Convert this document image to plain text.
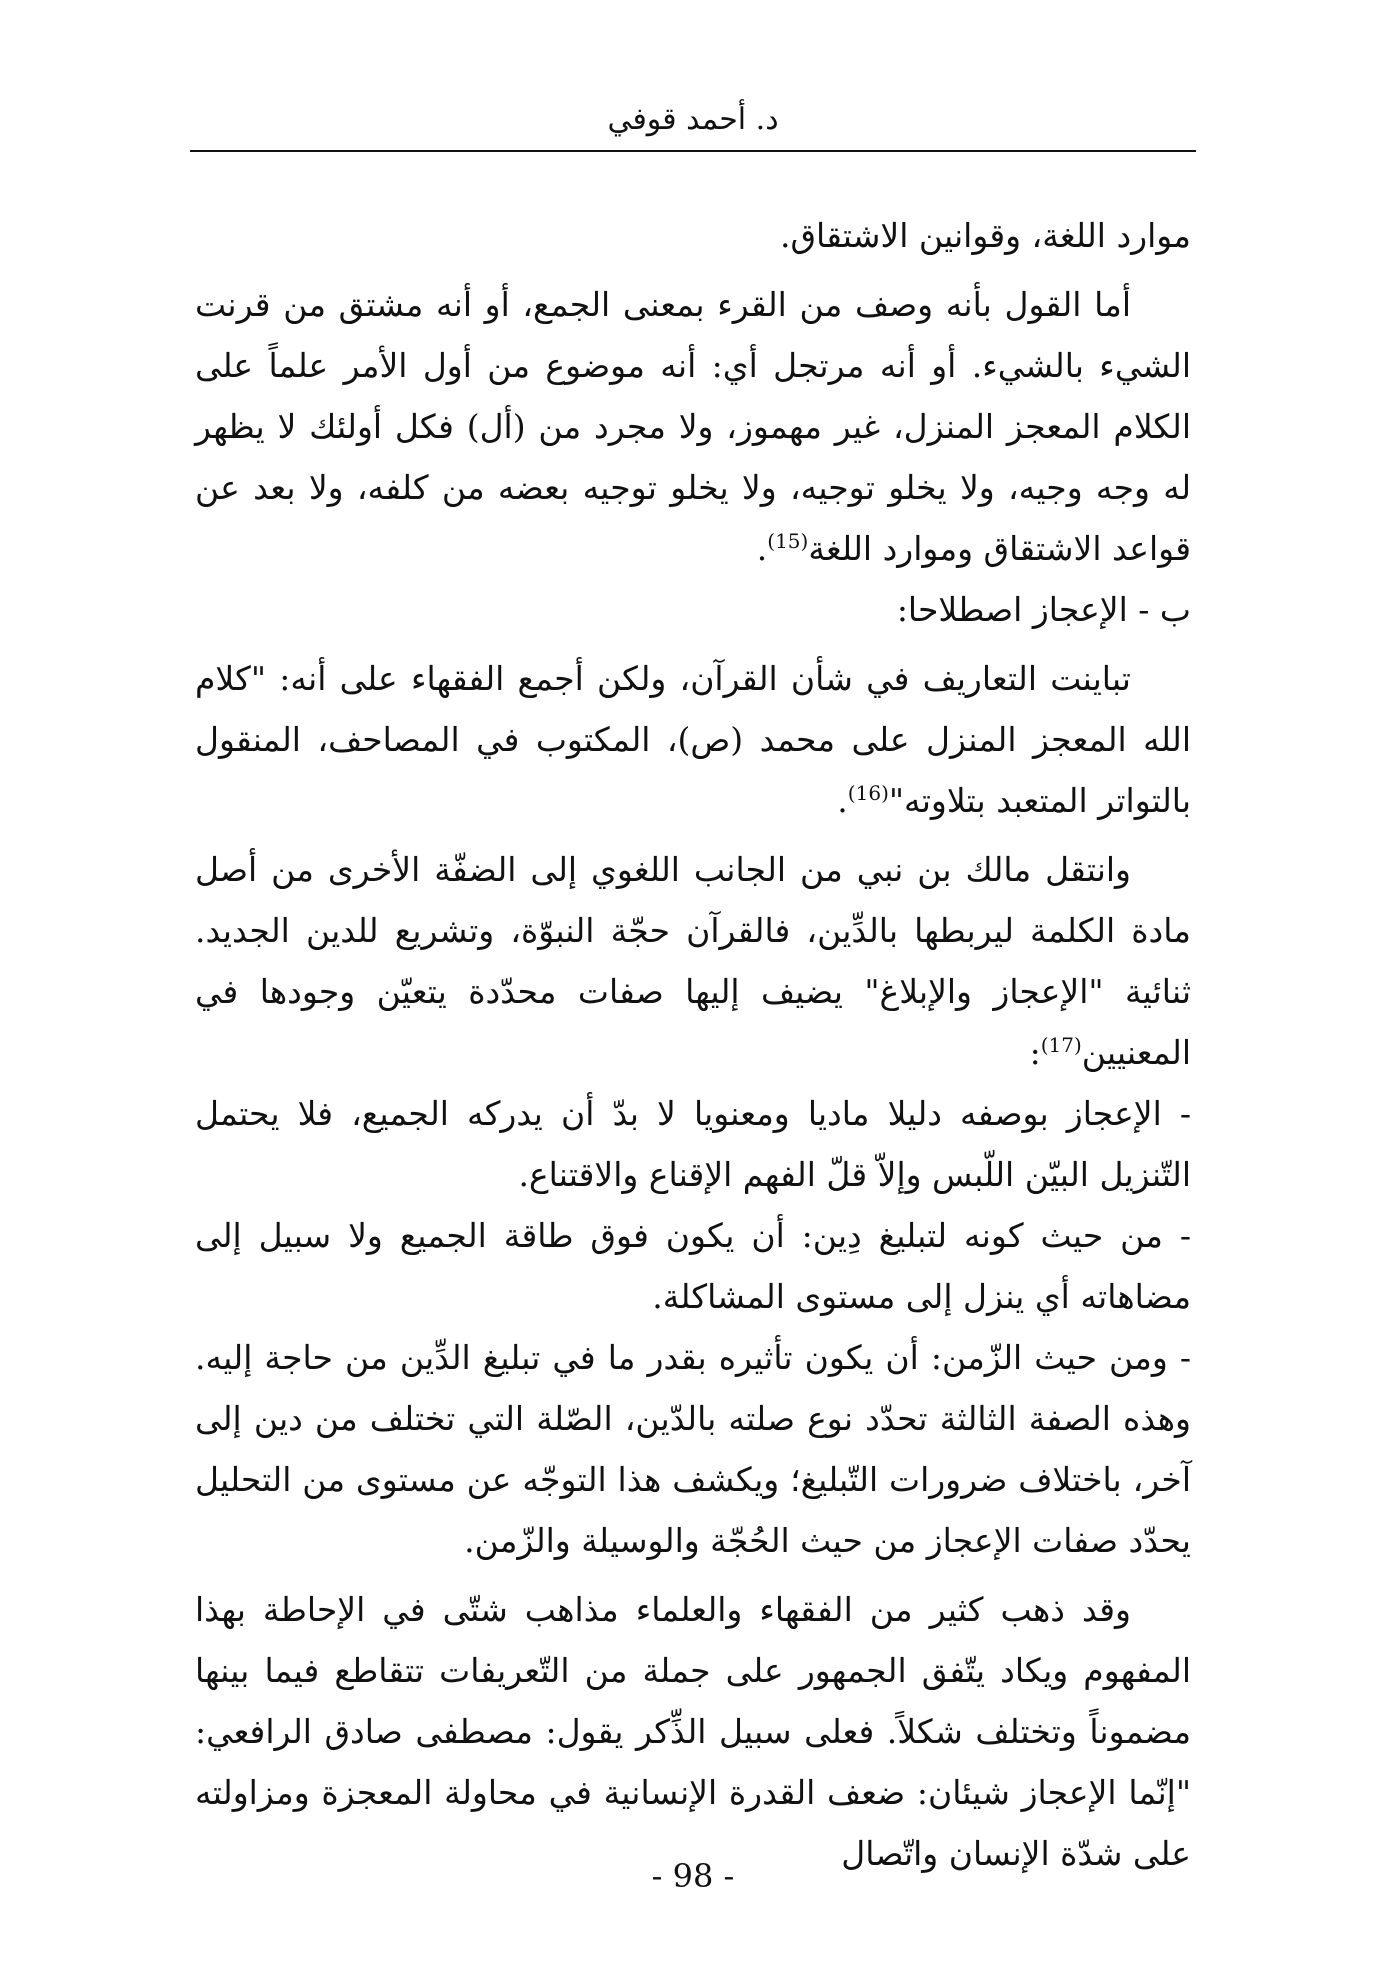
د. أحمد قوفي

موارد اللغة، وقوانين الاشتقاق.

أما القول بأنه وصف من القرء بمعنى الجمع، أو أنه مشتق من قرنت الشيء بالشيء. أو أنه مرتجل أي: أنه موضوع من أول الأمر علماً على الكلام المعجز المنزل، غير مهموز، ولا مجرد من (أل) فكل أولئك لا يظهر له وجه وجيه، ولا يخلو توجيه، ولا يخلو توجيه بعضه من كلفه، ولا بعد عن قواعد الاشتقاق وموارد اللغة$^{(15)}$.

ب - الإعجاز اصطلاحا:

تباينت التعاريف في شأن القرآن، ولكن أجمع الفقهاء على أنه: "كلام الله المعجز المنزل على محمد (ص)، المكتوب في المصاحف، المنقول بالتواتر المتعبد بتلاوته"$^{(16)}$.

وانتقل مالك بن نبي من الجانب اللغوي إلى الضفّة الأخرى من أصل مادة الكلمة ليربطها بالدِّين، فالقرآن حجّة النبوّة، وتشريع للدين الجديد. ثنائية "الإعجاز والإبلاغ" يضيف إليها صفات محدّدة يتعيّن وجودها في المعنيين$^{(17)}$:

- الإعجاز بوصفه دليلا ماديا ومعنويا لا بدّ أن يدركه الجميع، فلا يحتمل التّنزيل البيّن اللّبس وإلاّ قلّ الفهم الإقناع والاقتناع.

- من حيث كونه لتبليغ دِين: أن يكون فوق طاقة الجميع ولا سبيل إلى مضاهاته أي ينزل إلى مستوى المشاكلة.

- ومن حيث الزّمن: أن يكون تأثيره بقدر ما في تبليغ الدِّين من حاجة إليه. وهذه الصفة الثالثة تحدّد نوع صلته بالدّين، الصّلة التي تختلف من دين إلى آخر، باختلاف ضرورات التّبليغ؛ ويكشف هذا التوجّه عن مستوى من التحليل يحدّد صفات الإعجاز من حيث الحُجّة والوسيلة والزّمن.

وقد ذهب كثير من الفقهاء والعلماء مذاهب شتّى في الإحاطة بهذا المفهوم ويكاد يتّفق الجمهور على جملة من التّعريفات تتقاطع فيما بينها مضموناً وتختلف شكلاً. فعلى سبيل الذِّكر يقول: مصطفى صادق الرافعي: "إنّما الإعجاز شيئان: ضعف القدرة الإنسانية في محاولة المعجزة ومزاولته على شدّة الإنسان واتّصال

- 98 -
